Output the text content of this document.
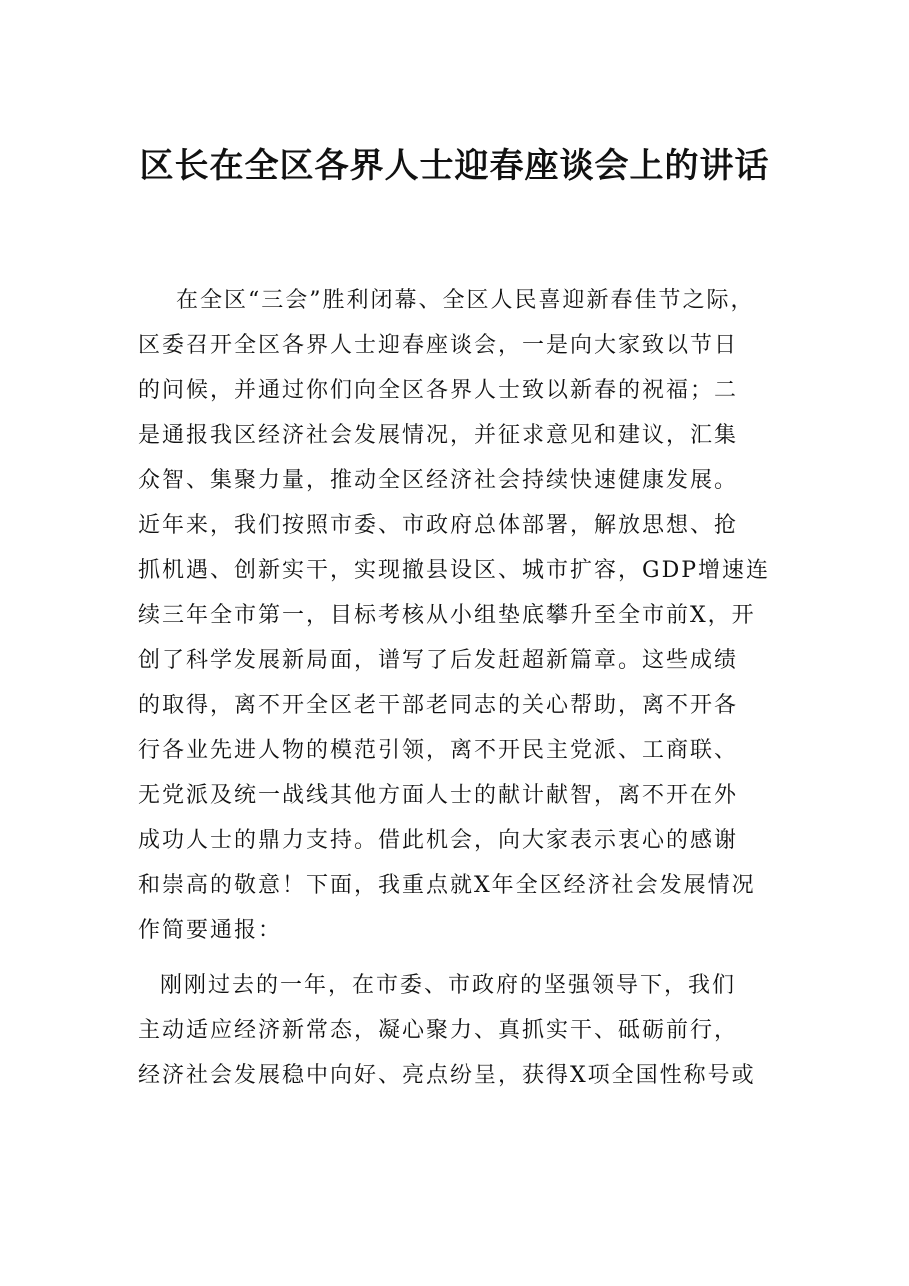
区长在全区各界人士迎春座谈会上的讲话
在全区“三会”胜利闭幕、全区人民喜迎新春佳节之际，
区委召开全区各界人士迎春座谈会，一是向大家致以节日
的问候，并通过你们向全区各界人士致以新春的祝福；二
是通报我区经济社会发展情况，并征求意见和建议，汇集
众智、集聚力量，推动全区经济社会持续快速健康发展。
近年来，我们按照市委、市政府总体部署，解放思想、抢
抓机遇、创新实干，实现撤县设区、城市扩容，GDP增速连
续三年全市第一，目标考核从小组垫底攀升至全市前X，开
创了科学发展新局面，谱写了后发赶超新篇章。这些成绩
的取得，离不开全区老干部老同志的关心帮助，离不开各
行各业先进人物的模范引领，离不开民主党派、工商联、
无党派及统一战线其他方面人士的献计献智，离不开在外
成功人士的鼎力支持。借此机会，向大家表示衷心的感谢
和崇高的敬意！下面，我重点就X年全区经济社会发展情况
作简要通报：
刚刚过去的一年，在市委、市政府的坚强领导下，我们
主动适应经济新常态，凝心聚力、真抓实干、砥砺前行，
经济社会发展稳中向好、亮点纷呈，获得X项全国性称号或
